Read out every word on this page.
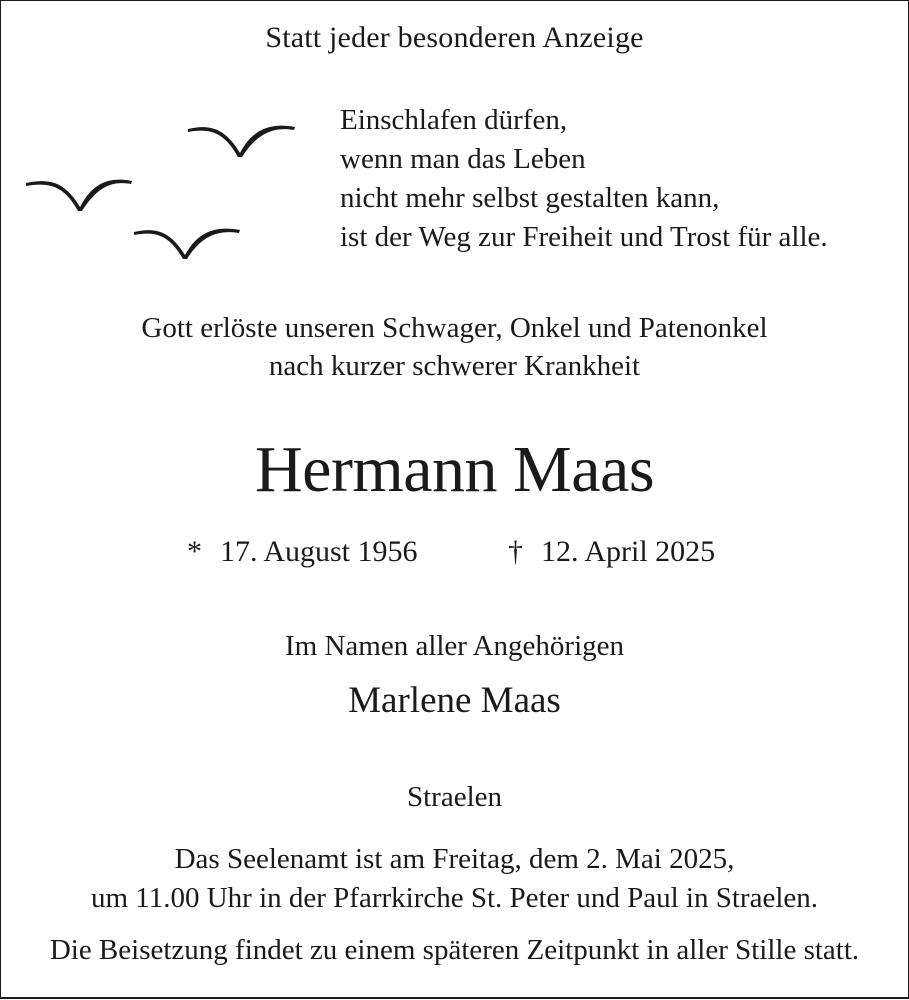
Statt jeder besonderen Anzeige
Einschlafen dürfen,
wenn man das Leben
nicht mehr selbst gestalten kann,
ist der Weg zur Freiheit und Trost für alle.
Gott erlöste unseren Schwager, Onkel und Patenonkel
nach kurzer schwerer Krankheit
Hermann Maas
* 17. August 1956	† 12. April 2025
Im Namen aller Angehörigen
Marlene Maas
Straelen
Das Seelenamt ist am Freitag, dem 2. Mai 2025,
um 11.00 Uhr in der Pfarrkirche St. Peter und Paul in Straelen.
Die Beisetzung findet zu einem späteren Zeitpunkt in aller Stille statt.
